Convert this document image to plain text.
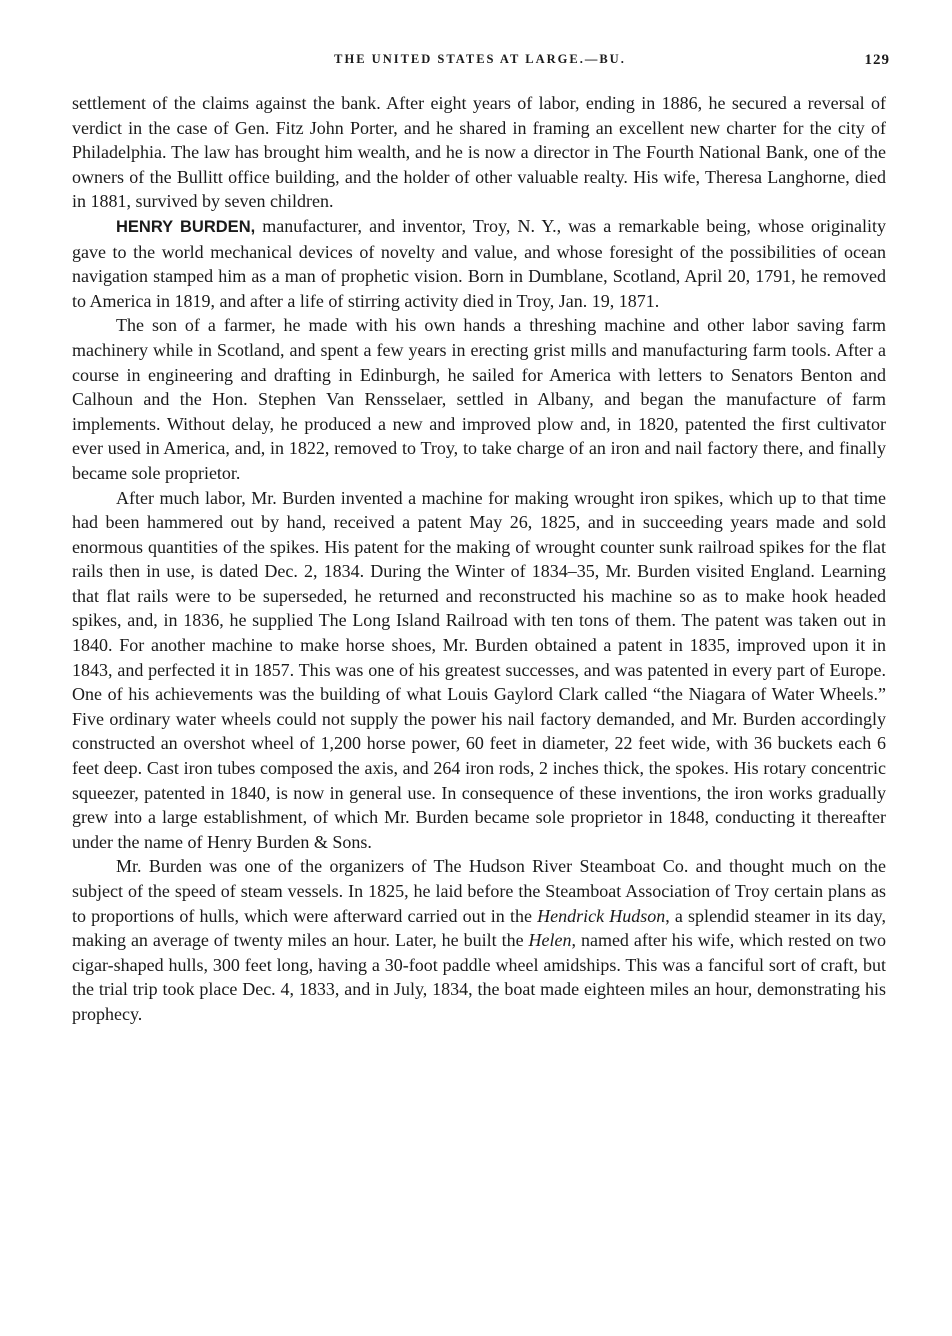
THE UNITED STATES AT LARGE.—BU.	129

settlement of the claims against the bank. After eight years of labor, ending in 1886, he secured a reversal of verdict in the case of Gen. Fitz John Porter, and he shared in framing an excellent new charter for the city of Philadelphia. The law has brought him wealth, and he is now a director in The Fourth National Bank, one of the owners of the Bullitt office building, and the holder of other valuable realty. His wife, Theresa Langhorne, died in 1881, survived by seven children.

HENRY BURDEN, manufacturer, and inventor, Troy, N. Y., was a remarkable being, whose originality gave to the world mechanical devices of novelty and value, and whose foresight of the possibilities of ocean navigation stamped him as a man of prophetic vision. Born in Dumblane, Scotland, April 20, 1791, he removed to America in 1819, and after a life of stirring activity died in Troy, Jan. 19, 1871.

The son of a farmer, he made with his own hands a threshing machine and other labor saving farm machinery while in Scotland, and spent a few years in erecting grist mills and manufacturing farm tools. After a course in engineering and drafting in Edinburgh, he sailed for America with letters to Senators Benton and Calhoun and the Hon. Stephen Van Rensselaer, settled in Albany, and began the manufacture of farm implements. Without delay, he produced a new and improved plow and, in 1820, patented the first cultivator ever used in America, and, in 1822, removed to Troy, to take charge of an iron and nail factory there, and finally became sole proprietor.

After much labor, Mr. Burden invented a machine for making wrought iron spikes, which up to that time had been hammered out by hand, received a patent May 26, 1825, and in succeeding years made and sold enormous quantities of the spikes. His patent for the making of wrought counter sunk railroad spikes for the flat rails then in use, is dated Dec. 2, 1834. During the Winter of 1834–35, Mr. Burden visited England. Learning that flat rails were to be superseded, he returned and reconstructed his machine so as to make hook headed spikes, and, in 1836, he supplied The Long Island Railroad with ten tons of them. The patent was taken out in 1840. For another machine to make horse shoes, Mr. Burden obtained a patent in 1835, improved upon it in 1843, and perfected it in 1857. This was one of his greatest successes, and was patented in every part of Europe. One of his achievements was the building of what Louis Gaylord Clark called “the Niagara of Water Wheels.” Five ordinary water wheels could not supply the power his nail factory demanded, and Mr. Burden accordingly constructed an overshot wheel of 1,200 horse power, 60 feet in diameter, 22 feet wide, with 36 buckets each 6 feet deep. Cast iron tubes composed the axis, and 264 iron rods, 2 inches thick, the spokes. His rotary concentric squeezer, patented in 1840, is now in general use. In consequence of these inventions, the iron works gradually grew into a large establishment, of which Mr. Burden became sole proprietor in 1848, conducting it thereafter under the name of Henry Burden & Sons.

Mr. Burden was one of the organizers of The Hudson River Steamboat Co. and thought much on the subject of the speed of steam vessels. In 1825, he laid before the Steamboat Association of Troy certain plans as to proportions of hulls, which were afterward carried out in the Hendrick Hudson, a splendid steamer in its day, making an average of twenty miles an hour. Later, he built the Helen, named after his wife, which rested on two cigar-shaped hulls, 300 feet long, having a 30-foot paddle wheel amidships. This was a fanciful sort of craft, but the trial trip took place Dec. 4, 1833, and in July, 1834, the boat made eighteen miles an hour, demonstrating his prophecy.
